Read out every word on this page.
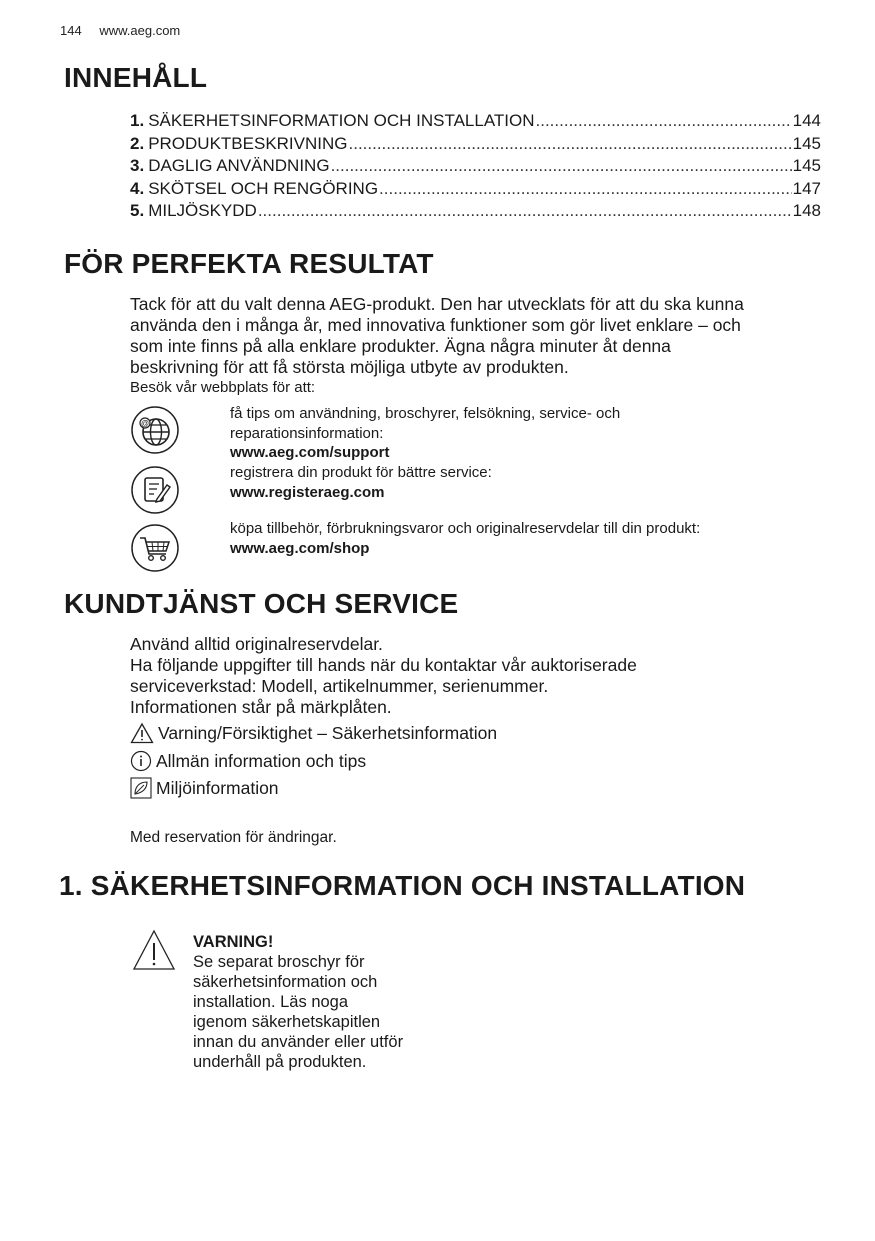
144 www.aeg.com
INNEHÅLL
1. SÄKERHETSINFORMATION OCH INSTALLATION .....	144
2. PRODUKTBESKRIVNING .....	145
3. DAGLIG ANVÄNDNING .....	145
4. SKÖTSEL OCH RENGÖRING .....	147
5. MILJÖSKYDD .....	148
FÖR PERFEKTA RESULTAT
Tack för att du valt denna AEG-produkt. Den har utvecklats för att du ska kunna
använda den i många år, med innovativa funktioner som gör livet enklare – och
som inte finns på alla enklare produkter. Ägna några minuter åt denna
beskrivning för att få största möjliga utbyte av produkten.
Besök vår webbplats för att:
@
få tips om användning, broschyrer, felsökning, service- och
reparationsinformation:
www.aeg.com/support
registrera din produkt för bättre service:
www.registeraeg.com
köpa tillbehör, förbrukningsvaror och originalreservdelar till din produkt:
www.aeg.com/shop
KUNDTJÄNST OCH SERVICE
Använd alltid originalreservdelar.
Ha följande uppgifter till hands när du kontaktar vår auktoriserade
serviceverkstad: Modell, artikelnummer, serienummer.
Informationen står på märkplåten.
Varning/Försiktighet – Säkerhetsinformation
Allmän information och tips
Miljöinformation
Med reservation för ändringar.
1. SÄKERHETSINFORMATION OCH INSTALLATION
VARNING!
Se separat broschyr för
säkerhetsinformation och
installation. Läs noga
igenom säkerhetskapitlen
innan du använder eller utför
underhåll på produkten.
